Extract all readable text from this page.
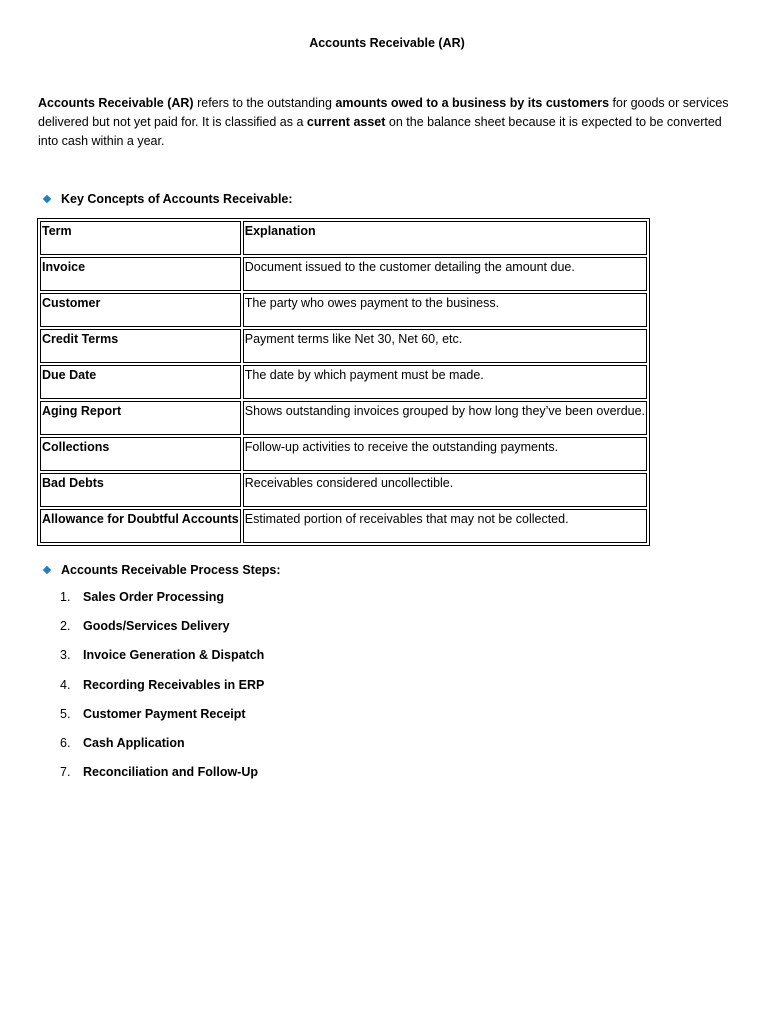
Accounts Receivable (AR)

Accounts Receivable (AR) refers to the outstanding amounts owed to a business by its customers for goods or services delivered but not yet paid for. It is classified as a current asset on the balance sheet because it is expected to be converted into cash within a year.

Key Concepts of Accounts Receivable:
Term	Explanation
Invoice	Document issued to the customer detailing the amount due.
Customer	The party who owes payment to the business.
Credit Terms	Payment terms like Net 30, Net 60, etc.
Due Date	The date by which payment must be made.
Aging Report	Shows outstanding invoices grouped by how long they’ve been overdue.
Collections	Follow-up activities to receive the outstanding payments.
Bad Debts	Receivables considered uncollectible.
Allowance for Doubtful Accounts	Estimated portion of receivables that may not be collected.
Accounts Receivable Process Steps:
1.	Sales Order Processing
2.	Goods/Services Delivery
3.	Invoice Generation & Dispatch
4.	Recording Receivables in ERP
5.	Customer Payment Receipt
6.	Cash Application
7.	Reconciliation and Follow-Up
